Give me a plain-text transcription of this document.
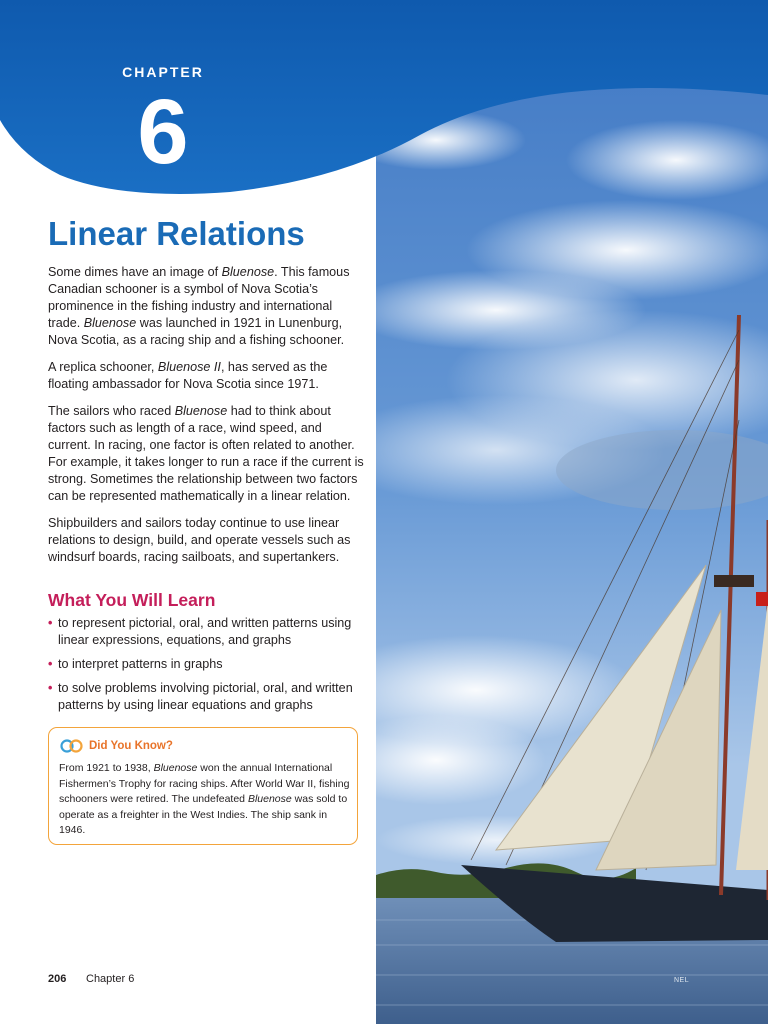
CHAPTER
6
Linear Relations

Some dimes have an image of Bluenose. This famous Canadian schooner is a symbol of Nova Scotia’s prominence in the fishing industry and international trade. Bluenose was launched in 1921 in Lunenburg, Nova Scotia, as a racing ship and a fishing schooner.

A replica schooner, Bluenose II, has served as the floating ambassador for Nova Scotia since 1971.

The sailors who raced Bluenose had to think about factors such as length of a race, wind speed, and current. In racing, one factor is often related to another. For example, it takes longer to run a race if the current is strong. Sometimes the relationship between two factors can be represented mathematically in a linear relation.

Shipbuilders and sailors today continue to use linear relations to design, build, and operate vessels such as windsurf boards, racing sailboats, and supertankers.

What You Will Learn
• to represent pictorial, oral, and written patterns using linear expressions, equations, and graphs
• to interpret patterns in graphs
• to solve problems involving pictorial, oral, and written patterns by using linear equations and graphs
Did You Know?

From 1921 to 1938, Bluenose won the annual International Fishermen’s Trophy for racing ships. After World War II, fishing schooners were retired. The undefeated Bluenose was sold to operate as a freighter in the West Indies. The ship sank in 1946.

206 Chapter 6	NEL
